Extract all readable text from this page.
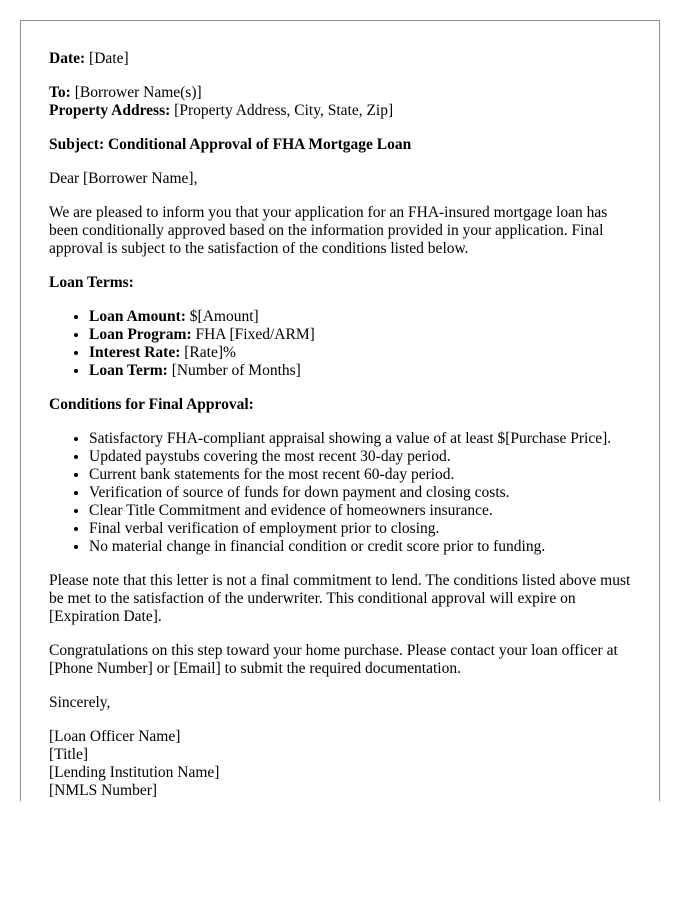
Date: [Date]

To: [Borrower Name(s)]

Property Address: [Property Address, City, State, Zip]

Subject: Conditional Approval of FHA Mortgage Loan

Dear [Borrower Name],

We are pleased to inform you that your application for an FHA-insured mortgage loan has been conditionally approved based on the information provided in your application. Final approval is subject to the satisfaction of the conditions listed below.

Loan Terms:

• Loan Amount: $[Amount]
• Loan Program: FHA [Fixed/ARM]
• Interest Rate: [Rate]%
• Loan Term: [Number of Months]

Conditions for Final Approval:

• Satisfactory FHA-compliant appraisal showing a value of at least $[Purchase Price].
• Updated paystubs covering the most recent 30-day period.
• Current bank statements for the most recent 60-day period.
• Verification of source of funds for down payment and closing costs.
• Clear Title Commitment and evidence of homeowners insurance.
• Final verbal verification of employment prior to closing.
• No material change in financial condition or credit score prior to funding.

Please note that this letter is not a final commitment to lend. The conditions listed above must be met to the satisfaction of the underwriter. This conditional approval will expire on [Expiration Date].

Congratulations on this step toward your home purchase. Please contact your loan officer at [Phone Number] or [Email] to submit the required documentation.

Sincerely,

[Loan Officer Name]
[Title]
[Lending Institution Name]
[NMLS Number]
